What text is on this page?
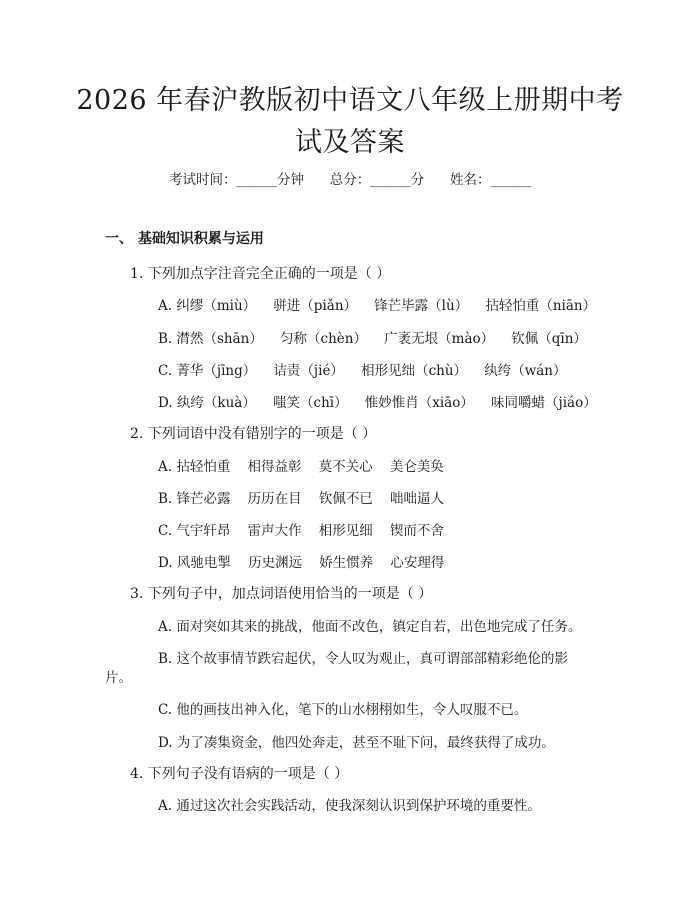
2026 年春沪教版初中语文八年级上册期中考
试及答案
考试时间：______分钟      总分：______分      姓名：______
一、 基础知识积累与运用
1. 下列加点字注音完全正确的一项是（ ）
A. 纠缪（miù）    骈进（piǎn）    锋芒毕露（lù）    拈轻怕重（niān）
B. 潸然（shān）    匀称（chèn）    广袤无垠（mào）    钦佩（qīn）
C. 菁华（jīng）    诘责（jié）    相形见绌（chù）    纨绔（wán）
D. 纨绔（kuà）    嗤笑（chī）    惟妙惟肖（xiāo）    味同嚼蜡（jiáo）
2. 下列词语中没有错别字的一项是（ ）
A. 拈轻怕重    相得益彰    莫不关心    美仑美奂
B. 锋芒必露    历历在目    钦佩不已    咄咄逼人
C. 气宇轩昂    雷声大作    相形见细    锲而不舍
D. 风驰电掣    历史渊远    娇生惯养    心安理得
3. 下列句子中，加点词语使用恰当的一项是（ ）
A. 面对突如其来的挑战，他面不改色，镇定自若，出色地完成了任务。
B. 这个故事情节跌宕起伏，令人叹为观止，真可谓部部精彩绝伦的影
片。
C. 他的画技出神入化，笔下的山水栩栩如生，令人叹服不已。
D. 为了凑集资金，他四处奔走，甚至不耻下问，最终获得了成功。
4. 下列句子没有语病的一项是（ ）
A. 通过这次社会实践活动，使我深刻认识到保护环境的重要性。
